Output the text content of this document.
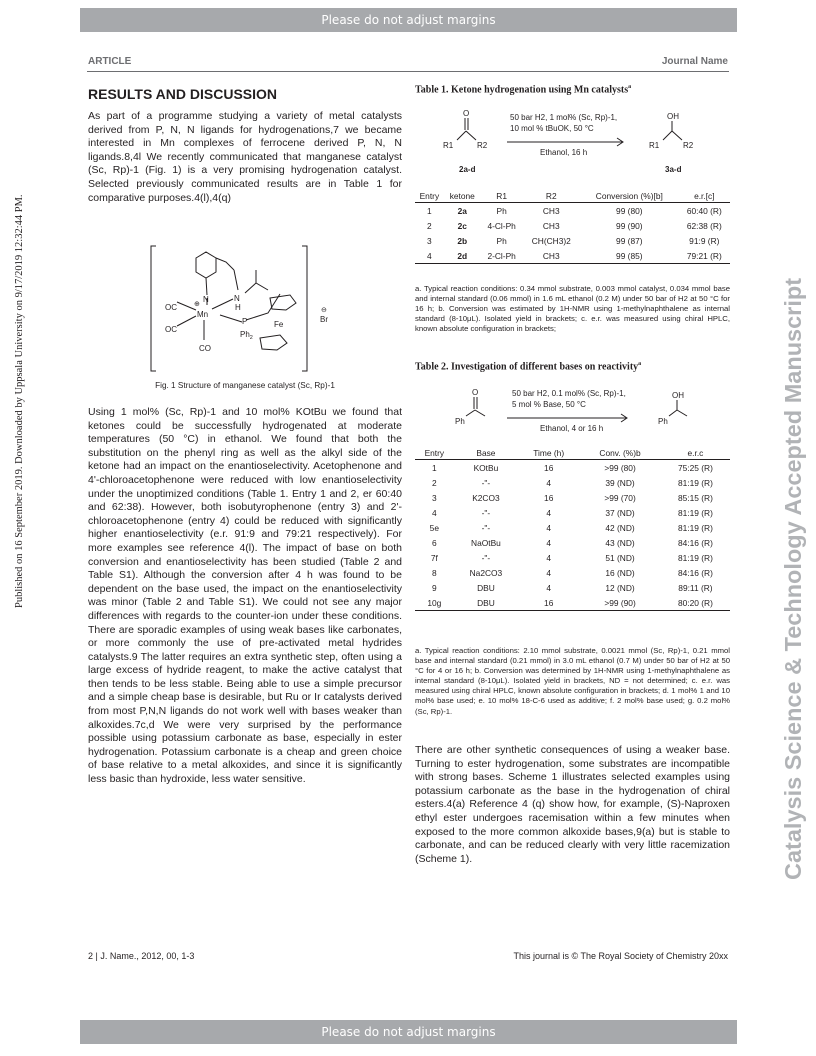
Please do not adjust margins
ARTICLE	Journal Name
Published on 16 September 2019. Downloaded by Uppsala University on 9/17/2019 12:32:44 PM.	Catalysis Science & Technology Accepted Manuscript
RESULTS AND DISCUSSION

As part of a programme studying a variety of metal catalysts derived from P, N, N ligands for hydrogenations,7 we became interested in Mn complexes of ferrocene derived P, N, N ligands.8,4l We recently communicated that manganese catalyst (Sc, Rp)-1 (Fig. 1) is a very promising hydrogenation catalyst. Selected previously communicated results are in Table 1 for comparative purposes.4(l),4(q)

OC
OC
CO
Mn
N	N
H
P
$Ph_2$
Fe
Br
⊖
⊕
Fig. 1 Structure of manganese catalyst (Sc, Rp)-1

Using 1 mol% (Sc, Rp)-1 and 10 mol% KOtBu we found that ketones could be successfully hydrogenated at moderate temperatures (50 °C) in ethanol. We found that both the substitution on the phenyl ring as well as the alkyl side of the ketone had an impact on the enantioselectivity. Acetophenone and 4'-chloroacetophenone were reduced with low enantioselectivity under the unoptimized conditions (Table 1. Entry 1 and 2, er 60:40 and 62:38). However, both isobutyrophenone (entry 3) and 2'-chloroacetophenone (entry 4) could be reduced with significantly higher enantioselectivity (e.r. 91:9 and 79:21 respectively). For more examples see reference 4(l). The impact of base on both conversion and enantioselectivity has been studied (Table 2 and Table S1). Although the conversion after 4 h was found to be dependent on the base used, the impact on the enantioselectivity was minor (Table 2 and Table S1). We could not see any major differences with regards to the counter-ion under these conditions. There are sporadic examples of using weak bases like carbonates, or more commonly the use of pre-activated metal hydrides catalysts.9 The latter requires an extra synthetic step, often using a large excess of hydride reagent, to make the active catalyst that then tends to be less stable. Being able to use a simple precursor and a simple cheap base is desirable, but Ru or Ir catalysts derived from most P,N,N ligands do not work well with bases weaker than alkoxides.7c,d We were very surprised by the performance possible using potassium carbonate as base, especially in ester hydrogenation. Potassium carbonate is a cheap and green choice of base relative to a metal alkoxides, and since it is significantly less basic than hydroxide, less water sensitive.

Table 1. Ketone hydrogenation using Mn catalysts$^a$
50 bar H2, 1 mol% (Sc, Rp)-1,
10 mol % tBuOK, 50 °C
Ethanol, 16 h
O
R1	R2
OH
R1	R2
2a-d	3a-d
Entry	ketone	R1	R2	Conversion (%)[b]	e.r.[c]
1	2a	Ph	CH3	99 (80)	60:40 (R)
2	2c	4-Cl-Ph	CH3	99 (90)	62:38 (R)
3	2b	Ph	CH(CH3)2	99 (87)	91:9 (R)
4	2d	2-Cl-Ph	CH3	99 (85)	79:21 (R)

a. Typical reaction conditions: 0.34 mmol substrate, 0.003 mmol catalyst, 0.034 mmol base and internal standard (0.06 mmol) in 1.6 mL ethanol (0.2 M) under 50 bar of H2 at 50 °C for 16 h; b. Conversion was estimated by 1H-NMR using 1-methylnaphthalene as internal standard (8-10μL). Isolated yield in brackets; c. e.r. was measured using chiral HPLC, known absolute configuration in brackets;

Table 2. Investigation of different bases on reactivity$^a$
50 bar H2, 0.1 mol% (Sc, Rp)-1,
5 mol % Base, 50 °C
Ethanol, 4 or 16 h
O
Ph
OH
Ph
Entry	Base	Time (h)	Conv. (%)b	e.r.c
1	KOtBu	16	>99 (80)	75:25 (R)
2	-"-	4	39 (ND)	81:19 (R)
3	K2CO3	16	>99 (70)	85:15 (R)
4	-"-	4	37 (ND)	81:19 (R)
5e	-"-	4	42 (ND)	81:19 (R)
6	NaOtBu	4	43 (ND)	84:16 (R)
7f	-"-	4	51 (ND)	81:19 (R)
8	Na2CO3	4	16 (ND)	84:16 (R)
9	DBU	4	12 (ND)	89:11 (R)
10g	DBU	16	>99 (90)	80:20 (R)

a. Typical reaction conditions: 2.10 mmol substrate, 0.0021 mmol (Sc, Rp)-1, 0.21 mmol base and internal standard (0.21 mmol) in 3.0 mL ethanol (0.7 M) under 50 bar of H2 at 50 °C for 4 or 16 h; b. Conversion was determined by 1H-NMR using 1-methylnaphthalene as internal standard (8-10μL). Isolated yield in brackets, ND = not determined; c. e.r. was measured using chiral HPLC, known absolute configuration in brackets; d. 1 mol% 1 and 10 mol% base used; e. 10 mol% 18-C-6 used as additive; f. 2 mol% base used; g. 0.2 mol% (Sc, Rp)-1.

There are other synthetic consequences of using a weaker base. Turning to ester hydrogenation, some substrates are incompatible with strong bases. Scheme 1 illustrates selected examples using potassium carbonate as the base in the hydrogenation of chiral esters.4(a) Reference 4 (q) show how, for example, (S)-Naproxen ethyl ester undergoes racemisation within a few minutes when exposed to the more common alkoxide bases,9(a) but is stable to carbonate, and can be reduced clearly with very little racemization (Scheme 1).

2 | J. Name., 2012, 00, 1-3	This journal is © The Royal Society of Chemistry 20xx
Please do not adjust margins
